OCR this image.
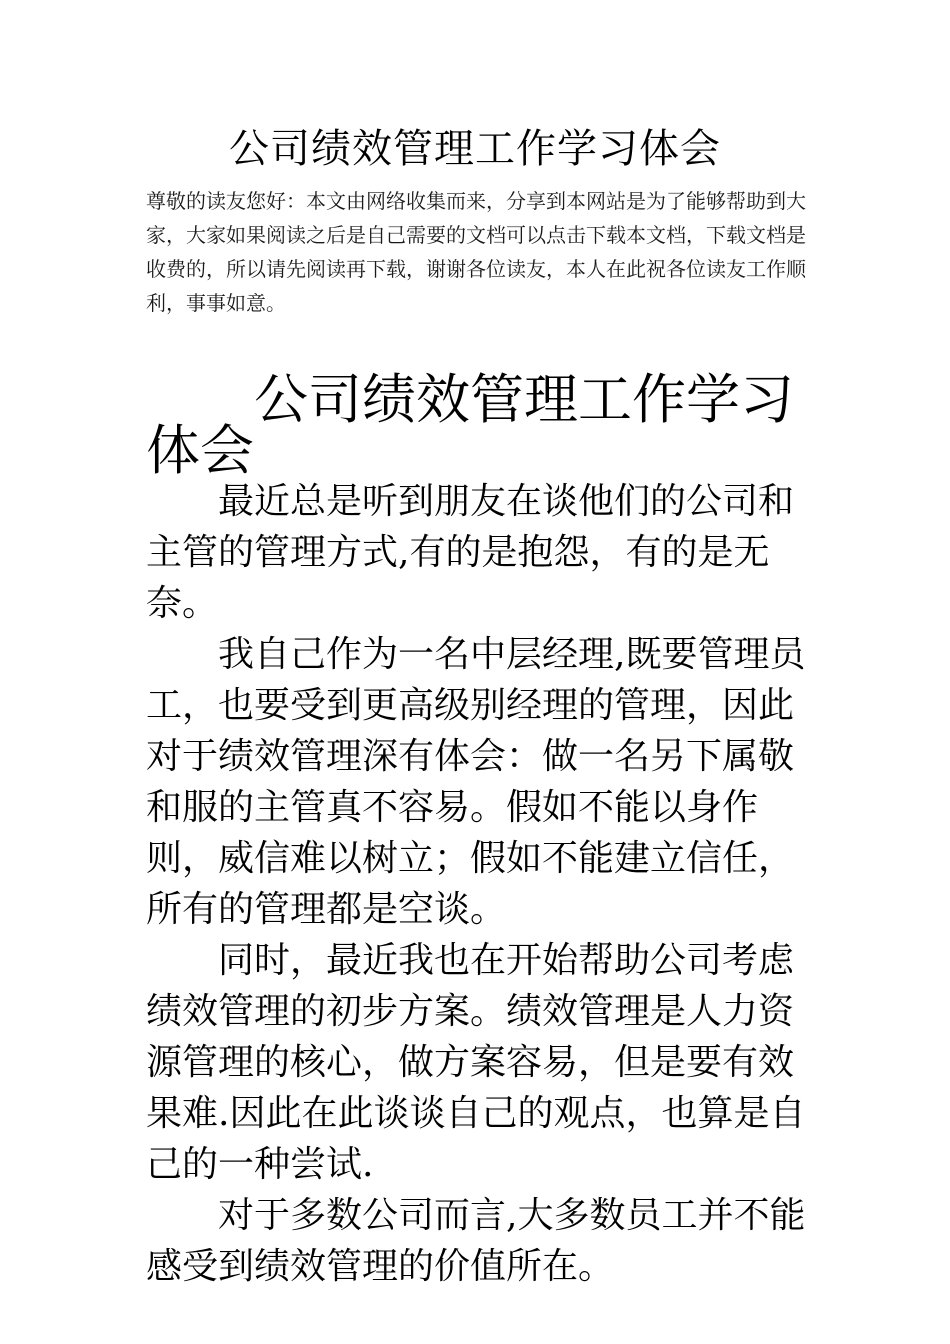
公司绩效管理工作学习体会

尊敬的读友您好：本文由网络收集而来，分享到本网站是为了能够帮助到大家，大家如果阅读之后是自己需要的文档可以点击下载本文档，下载文档是收费的，所以请先阅读再下载，谢谢各位读友，本人在此祝各位读友工作顺利，事事如意。

公司绩效管理工作学习体会

最近总是听到朋友在谈他们的公司和主管的管理方式,有的是抱怨，有的是无奈。

我自己作为一名中层经理,既要管理员工，也要受到更高级别经理的管理，因此对于绩效管理深有体会：做一名另下属敬和服的主管真不容易。假如不能以身作则，威信难以树立；假如不能建立信任，所有的管理都是空谈。

同时，最近我也在开始帮助公司考虑绩效管理的初步方案。绩效管理是人力资源管理的核心，做方案容易，但是要有效果难.因此在此谈谈自己的观点，也算是自己的一种尝试.

对于多数公司而言,大多数员工并不能感受到绩效管理的价值所在。
